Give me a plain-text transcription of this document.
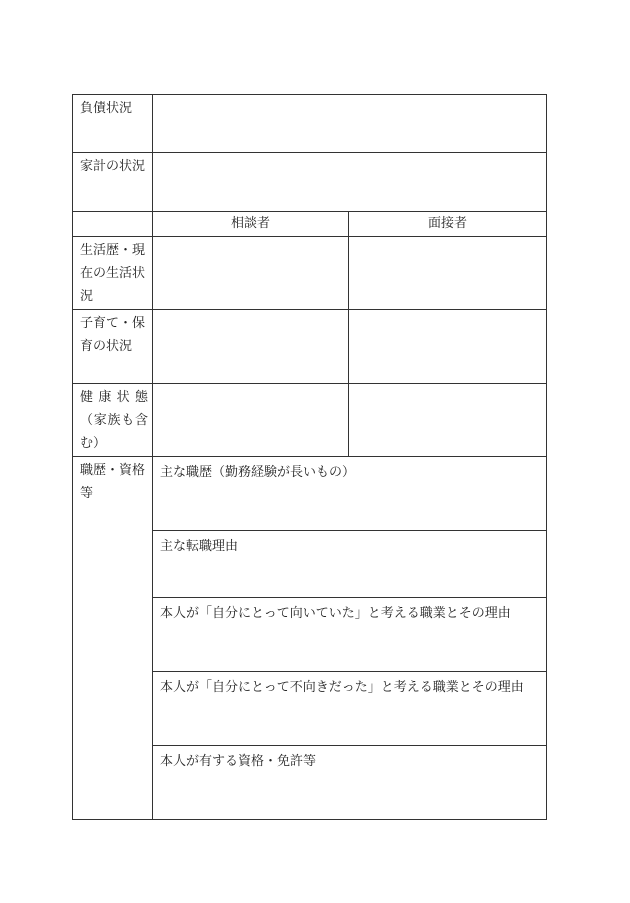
負債状況		

家計の状況		

	相談者	面接者

生活歴・現
在の生活状
況		

子育て・保
育の状況		

健康状態
（家族も含
む）		

職歴・資格
等	主な職歴（勤務経験が長いもの）	
	主な転職理由	
	本人が「自分にとって向いていた」と考える職業とその理由	
	本人が「自分にとって不向きだった」と考える職業とその理由	
	本人が有する資格・免許等	
